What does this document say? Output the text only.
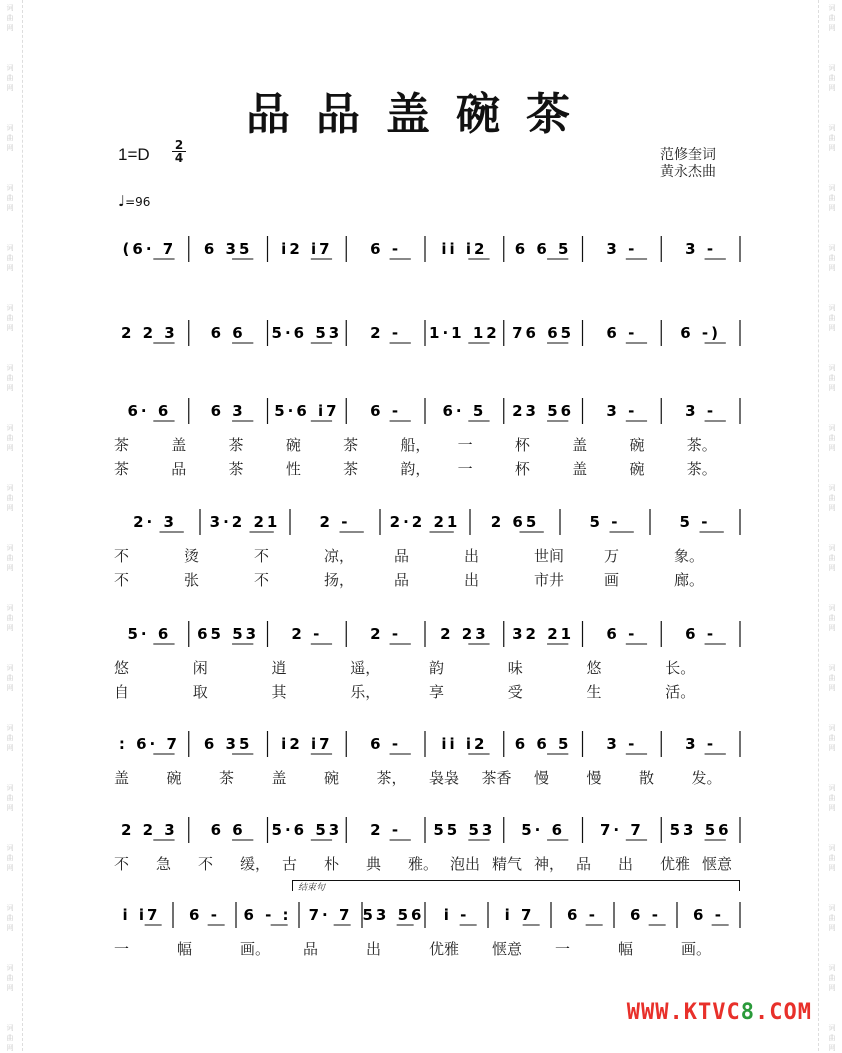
词
曲
网
词
曲
网
词
曲
网
词
曲
网
词
曲
网
词
曲
网
词
曲
网
词
曲
网
词
曲
网
词
曲
网
词
曲
网
词
曲
网
词
曲
网
词
曲
网
词
曲
网
词
曲
网
词
曲
网
词
曲
网
词
曲
网
词
曲
网
词
曲
网
词
曲
网
词
曲
网
词
曲
网
词
曲
网
词
曲
网
词
曲
网
词
曲
网
词
曲
网
词
曲
网
词
曲
网
词
曲
网
词
曲
网
词
曲
网
词
曲
网
词
曲
网
品品盖碗茶
1=D 2
4
♩=96
范修奎词
黄永杰曲
(6· 7 6 35 i2 i7	6 -	ii i2 6 6 5 3 -	3 -
2 2 3 6 6 5·6 53 2 - 1·1 12 76 65 6 -	6 -)
6· 6	6 3 5·6 i7 6 -	6· 5 23 56 3 -	3 -
茶	盖	茶	碗	茶	船， 一	杯	盖	碗	茶。
茶	品	茶	性	茶	韵， 一	杯	盖	碗	茶。
2· 3 3·2 21	2 -	2·2 21 2 65	5 -	5 -
不	烫	不	凉，	品	出	世间	万	象。
不	张	不	扬，	品	出	市井	画	廊。
5· 6 65 53 2 -	2 -	2 23 32 21 6 -	6 -
悠	闲	逍	遥，	韵	味	悠	长。
自	取	其	乐，	享	受	生	活。
: 6· 7 6 35 i2 i7	6 -	ii i2 6 6 5 3 -	3 -
盖 碗 茶 盖 碗 茶， 袅袅 茶香 慢 慢 散 发。
2 2 3 6 6 5·6 53 2 - 55 53 5· 6 7· 7 53 56
不 急 不 缓， 古 朴 典 雅。 泡出 精气 神， 品 出 优雅 惬意
i i7 6 - 6 - : 7· 7 53 56 i - i 7 6 - 6 - 6 -
一	幅	画。 品	出	优雅 惬意 一	幅	画。
结束句
WWW.KTVC8.COM
